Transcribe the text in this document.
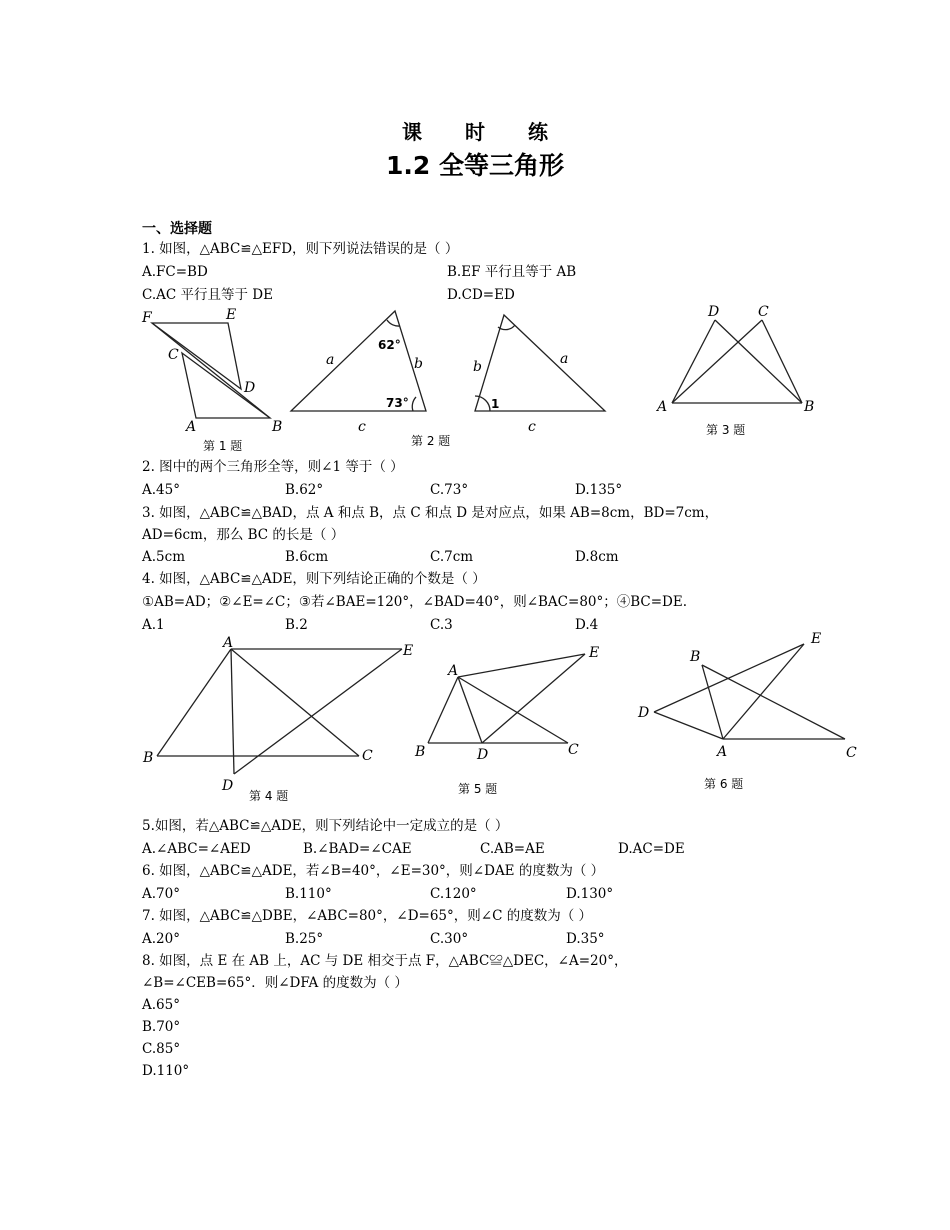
课 时 练
1.2 全等三角形
一、选择题
1. 如图，△ABC≌△EFD，则下列说法错误的是（ ）
A.FC=BD	B.EF 平行且等于 AB
C.AC 平行且等于 DE	D.CD=ED
F	E
C
D
A	B
a	b
c
62°
73°
b	a
c
1
D	C
A	B
第 1 题	第 2 题
第 3 题
2. 图中的两个三角形全等，则∠1 等于（ ）
A.45°	B.62°	C.73°	D.135°
3. 如图，△ABC≌△BAD，点 A 和点 B，点 C 和点 D 是对应点，如果 AB=8cm，BD=7cm，
AD=6cm，那么 BC 的长是（ ）
A.5cm	B.6cm	C.7cm	D.8cm
4. 如图，△ABC≌△ADE，则下列结论正确的个数是（ ）
①AB=AD；②∠E=∠C；③若∠BAE=120°，∠BAD=40°，则∠BAC=80°；④BC=DE.
A.1	B.2	C.3	D.4
A	E
B	C
D
A
E
B	D	C
B
E
D
A	C
第 4 题	第 5 题	第 6 题
5.如图，若△ABC≌△ADE，则下列结论中一定成立的是（ ）
A.∠ABC=∠AED	B.∠BAD=∠CAE	C.AB=AE	D.AC=DE
6. 如图，△ABC≌△ADE，若∠B=40°，∠E=30°，则∠DAE 的度数为（ ）
A.70°	B.110°	C.120°	D.130°
7. 如图，△ABC≌△DBE，∠ABC=80°，∠D=65°，则∠C 的度数为（ ）
A.20°	B.25°	C.30°	D.35°
8. 如图，点 E 在 AB 上，AC 与 DE 相交于点 F，△ABC≌△DEC，∠A=20°，
∠B=∠CEB=65°．则∠DFA 的度数为（ ）
A.65°
B.70°
C.85°
D.110°
